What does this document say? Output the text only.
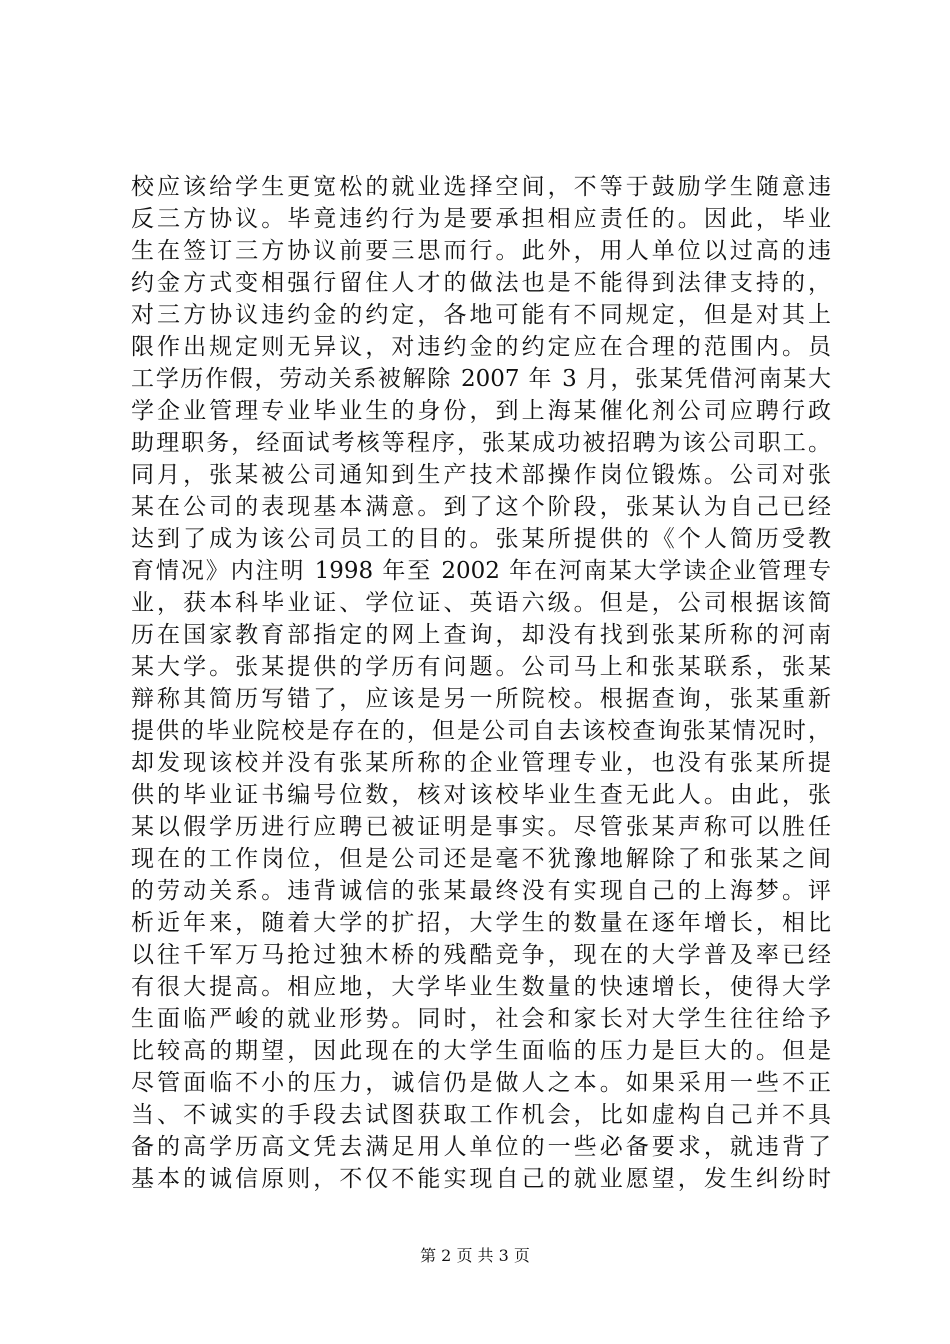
校应该给学生更宽松的就业选择空间，不等于鼓励学生随意违
反三方协议。毕竟违约行为是要承担相应责任的。因此，毕业
生在签订三方协议前要三思而行。此外，用人单位以过高的违
约金方式变相强行留住人才的做法也是不能得到法律支持的，
对三方协议违约金的约定，各地可能有不同规定，但是对其上
限作出规定则无异议，对违约金的约定应在合理的范围内。员
工学历作假，劳动关系被解除 2007 年 3 月，张某凭借河南某大
学企业管理专业毕业生的身份，到上海某催化剂公司应聘行政
助理职务，经面试考核等程序，张某成功被招聘为该公司职工。
同月，张某被公司通知到生产技术部操作岗位锻炼。公司对张
某在公司的表现基本满意。到了这个阶段，张某认为自己已经
达到了成为该公司员工的目的。张某所提供的《个人简历受教
育情况》内注明 1998 年至 2002 年在河南某大学读企业管理专
业，获本科毕业证、学位证、英语六级。但是，公司根据该简
历在国家教育部指定的网上查询，却没有找到张某所称的河南
某大学。张某提供的学历有问题。公司马上和张某联系，张某
辩称其简历写错了，应该是另一所院校。根据查询，张某重新
提供的毕业院校是存在的，但是公司自去该校查询张某情况时，
却发现该校并没有张某所称的企业管理专业，也没有张某所提
供的毕业证书编号位数，核对该校毕业生查无此人。由此，张
某以假学历进行应聘已被证明是事实。尽管张某声称可以胜任
现在的工作岗位，但是公司还是毫不犹豫地解除了和张某之间
的劳动关系。违背诚信的张某最终没有实现自己的上海梦。评
析近年来，随着大学的扩招，大学生的数量在逐年增长，相比
以往千军万马抢过独木桥的残酷竞争，现在的大学普及率已经
有很大提高。相应地，大学毕业生数量的快速增长，使得大学
生面临严峻的就业形势。同时，社会和家长对大学生往往给予
比较高的期望，因此现在的大学生面临的压力是巨大的。但是
尽管面临不小的压力，诚信仍是做人之本。如果采用一些不正
当、不诚实的手段去试图获取工作机会，比如虚构自己并不具
备的高学历高文凭去满足用人单位的一些必备要求，就违背了
基本的诚信原则，不仅不能实现自己的就业愿望，发生纠纷时
第 2 页 共 3 页
